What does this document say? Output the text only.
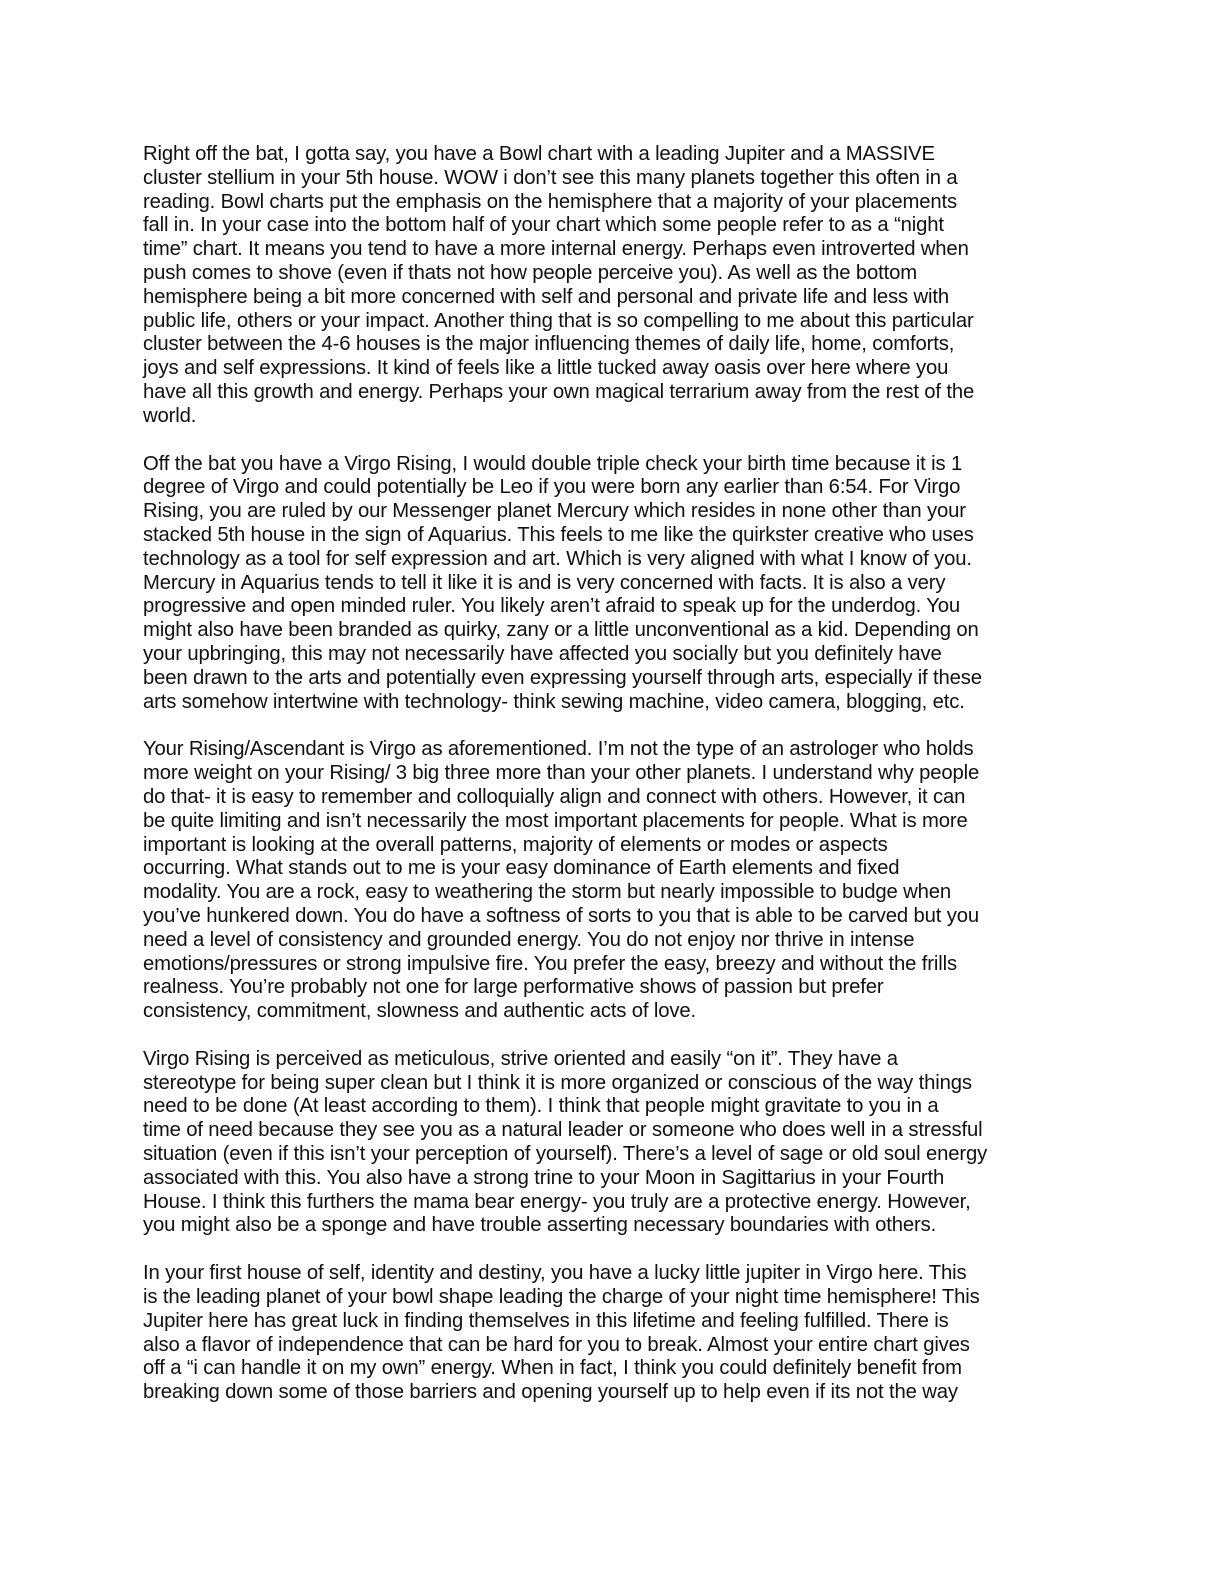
Right off the bat, I gotta say, you have a Bowl chart with a leading Jupiter and a MASSIVE
cluster stellium in your 5th house. WOW i don’t see this many planets together this often in a
reading. Bowl charts put the emphasis on the hemisphere that a majority of your placements
fall in. In your case into the bottom half of your chart which some people refer to as a “night
time” chart. It means you tend to have a more internal energy. Perhaps even introverted when
push comes to shove (even if thats not how people perceive you). As well as the bottom
hemisphere being a bit more concerned with self and personal and private life and less with
public life, others or your impact. Another thing that is so compelling to me about this particular
cluster between the 4-6 houses is the major influencing themes of daily life, home, comforts,
joys and self expressions. It kind of feels like a little tucked away oasis over here where you
have all this growth and energy. Perhaps your own magical terrarium away from the rest of the
world.

Off the bat you have a Virgo Rising, I would double triple check your birth time because it is 1
degree of Virgo and could potentially be Leo if you were born any earlier than 6:54. For Virgo
Rising, you are ruled by our Messenger planet Mercury which resides in none other than your
stacked 5th house in the sign of Aquarius. This feels to me like the quirkster creative who uses
technology as a tool for self expression and art. Which is very aligned with what I know of you.
Mercury in Aquarius tends to tell it like it is and is very concerned with facts. It is also a very
progressive and open minded ruler. You likely aren’t afraid to speak up for the underdog. You
might also have been branded as quirky, zany or a little unconventional as a kid. Depending on
your upbringing, this may not necessarily have affected you socially but you definitely have
been drawn to the arts and potentially even expressing yourself through arts, especially if these
arts somehow intertwine with technology- think sewing machine, video camera, blogging, etc.

Your Rising/Ascendant is Virgo as aforementioned. I’m not the type of an astrologer who holds
more weight on your Rising/ 3 big three more than your other planets. I understand why people
do that- it is easy to remember and colloquially align and connect with others. However, it can
be quite limiting and isn’t necessarily the most important placements for people. What is more
important is looking at the overall patterns, majority of elements or modes or aspects
occurring. What stands out to me is your easy dominance of Earth elements and fixed
modality. You are a rock, easy to weathering the storm but nearly impossible to budge when
you’ve hunkered down. You do have a softness of sorts to you that is able to be carved but you
need a level of consistency and grounded energy. You do not enjoy nor thrive in intense
emotions/pressures or strong impulsive fire. You prefer the easy, breezy and without the frills
realness. You’re probably not one for large performative shows of passion but prefer
consistency, commitment, slowness and authentic acts of love.

Virgo Rising is perceived as meticulous, strive oriented and easily “on it”. They have a
stereotype for being super clean but I think it is more organized or conscious of the way things
need to be done (At least according to them). I think that people might gravitate to you in a
time of need because they see you as a natural leader or someone who does well in a stressful
situation (even if this isn’t your perception of yourself). There’s a level of sage or old soul energy
associated with this. You also have a strong trine to your Moon in Sagittarius in your Fourth
House. I think this furthers the mama bear energy- you truly are a protective energy. However,
you might also be a sponge and have trouble asserting necessary boundaries with others.

In your first house of self, identity and destiny, you have a lucky little jupiter in Virgo here. This
is the leading planet of your bowl shape leading the charge of your night time hemisphere! This
Jupiter here has great luck in finding themselves in this lifetime and feeling fulfilled. There is
also a flavor of independence that can be hard for you to break. Almost your entire chart gives
off a “i can handle it on my own” energy. When in fact, I think you could definitely benefit from
breaking down some of those barriers and opening yourself up to help even if its not the way
